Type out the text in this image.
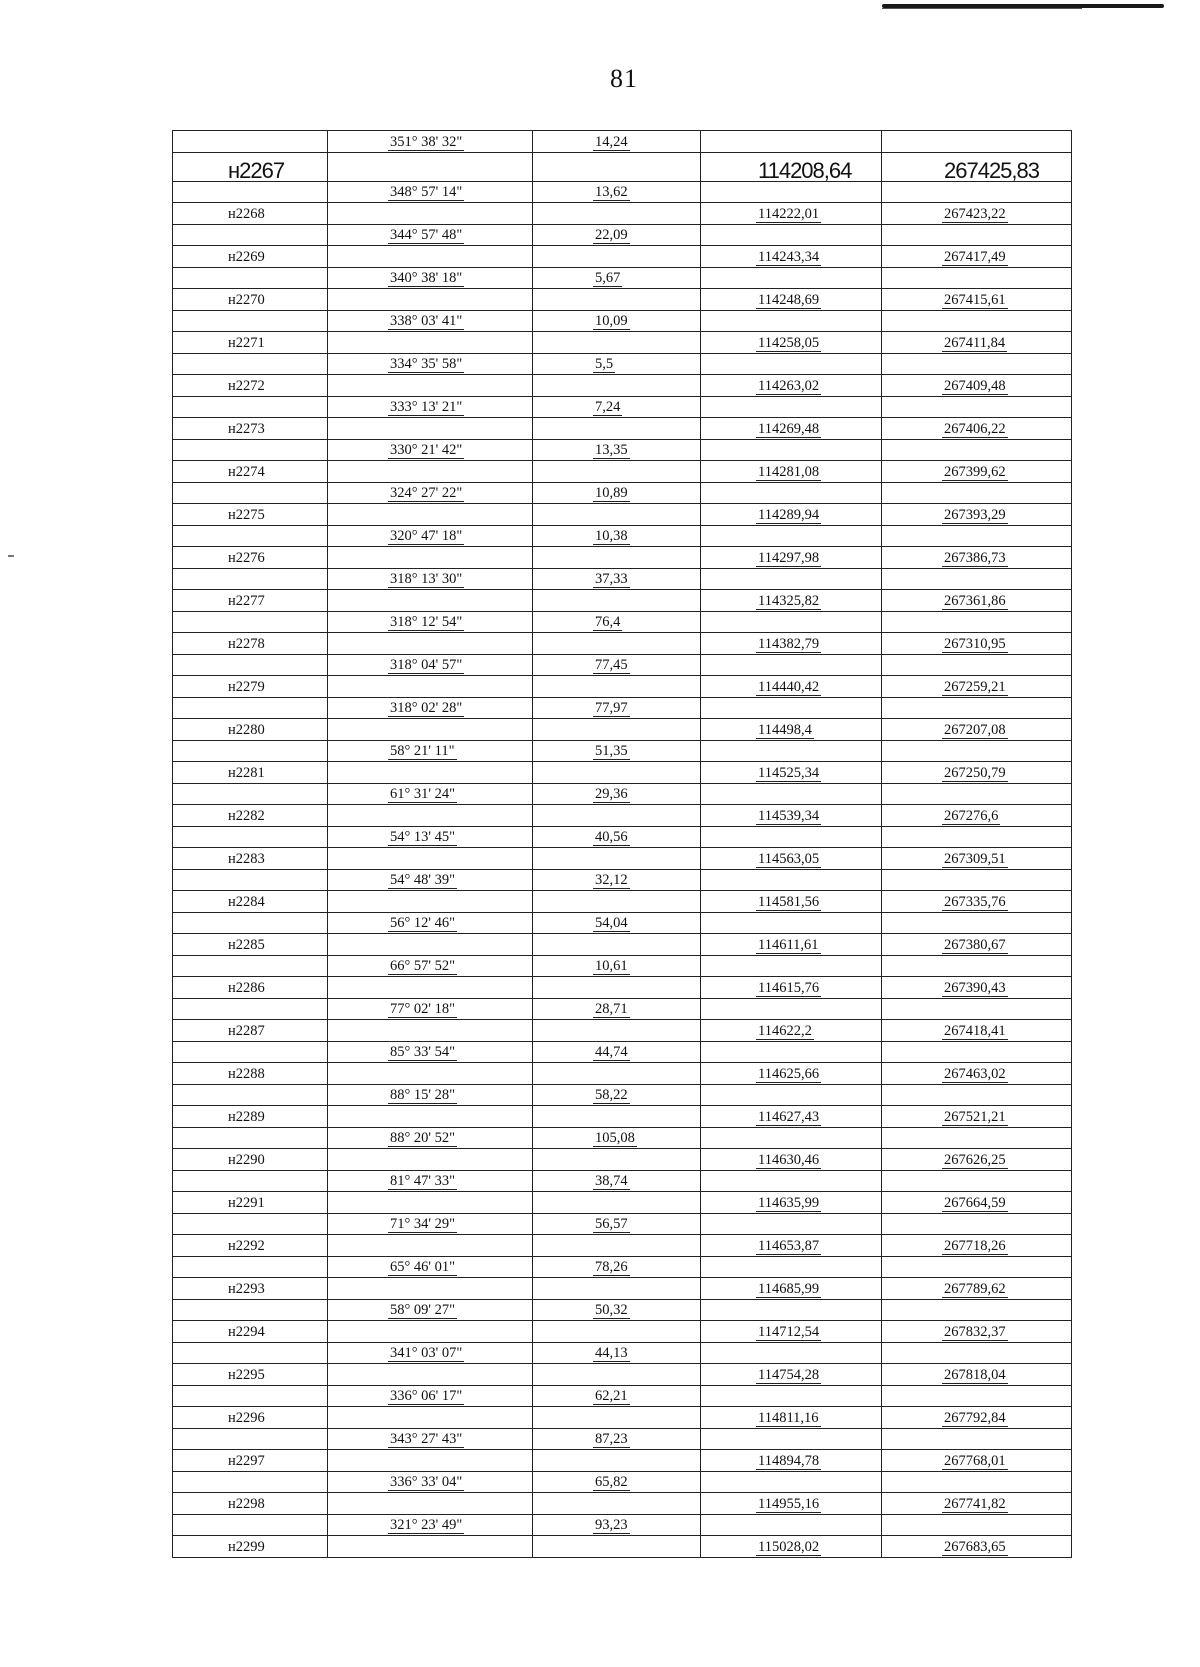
81
	351° 38' 32"	14,24		
н2267			114208,64	267425,83
	348° 57' 14"	13,62		
н2268			114222,01	267423,22
	344° 57' 48"	22,09		
н2269			114243,34	267417,49
	340° 38' 18"	5,67		
н2270			114248,69	267415,61
	338° 03' 41"	10,09		
н2271			114258,05	267411,84
	334° 35' 58"	5,5		
н2272			114263,02	267409,48
	333° 13' 21"	7,24		
н2273			114269,48	267406,22
	330° 21' 42"	13,35		
н2274			114281,08	267399,62
	324° 27' 22"	10,89		
н2275			114289,94	267393,29
	320° 47' 18"	10,38		
н2276			114297,98	267386,73
	318° 13' 30"	37,33		
н2277			114325,82	267361,86
	318° 12' 54"	76,4		
н2278			114382,79	267310,95
	318° 04' 57"	77,45		
н2279			114440,42	267259,21
	318° 02' 28"	77,97		
н2280			114498,4	267207,08
	58° 21' 11"	51,35		
н2281			114525,34	267250,79
	61° 31' 24"	29,36		
н2282			114539,34	267276,6
	54° 13' 45"	40,56		
н2283			114563,05	267309,51
	54° 48' 39"	32,12		
н2284			114581,56	267335,76
	56° 12' 46"	54,04		
н2285			114611,61	267380,67
	66° 57' 52"	10,61		
н2286			114615,76	267390,43
	77° 02' 18"	28,71		
н2287			114622,2	267418,41
	85° 33' 54"	44,74		
н2288			114625,66	267463,02
	88° 15' 28"	58,22		
н2289			114627,43	267521,21
	88° 20' 52"	105,08		
н2290			114630,46	267626,25
	81° 47' 33"	38,74		
н2291			114635,99	267664,59
	71° 34' 29"	56,57		
н2292			114653,87	267718,26
	65° 46' 01"	78,26		
н2293			114685,99	267789,62
	58° 09' 27"	50,32		
н2294			114712,54	267832,37
	341° 03' 07"	44,13		
н2295			114754,28	267818,04
	336° 06' 17"	62,21		
н2296			114811,16	267792,84
	343° 27' 43"	87,23		
н2297			114894,78	267768,01
	336° 33' 04"	65,82		
н2298			114955,16	267741,82
	321° 23' 49"	93,23		
н2299			115028,02	267683,65
